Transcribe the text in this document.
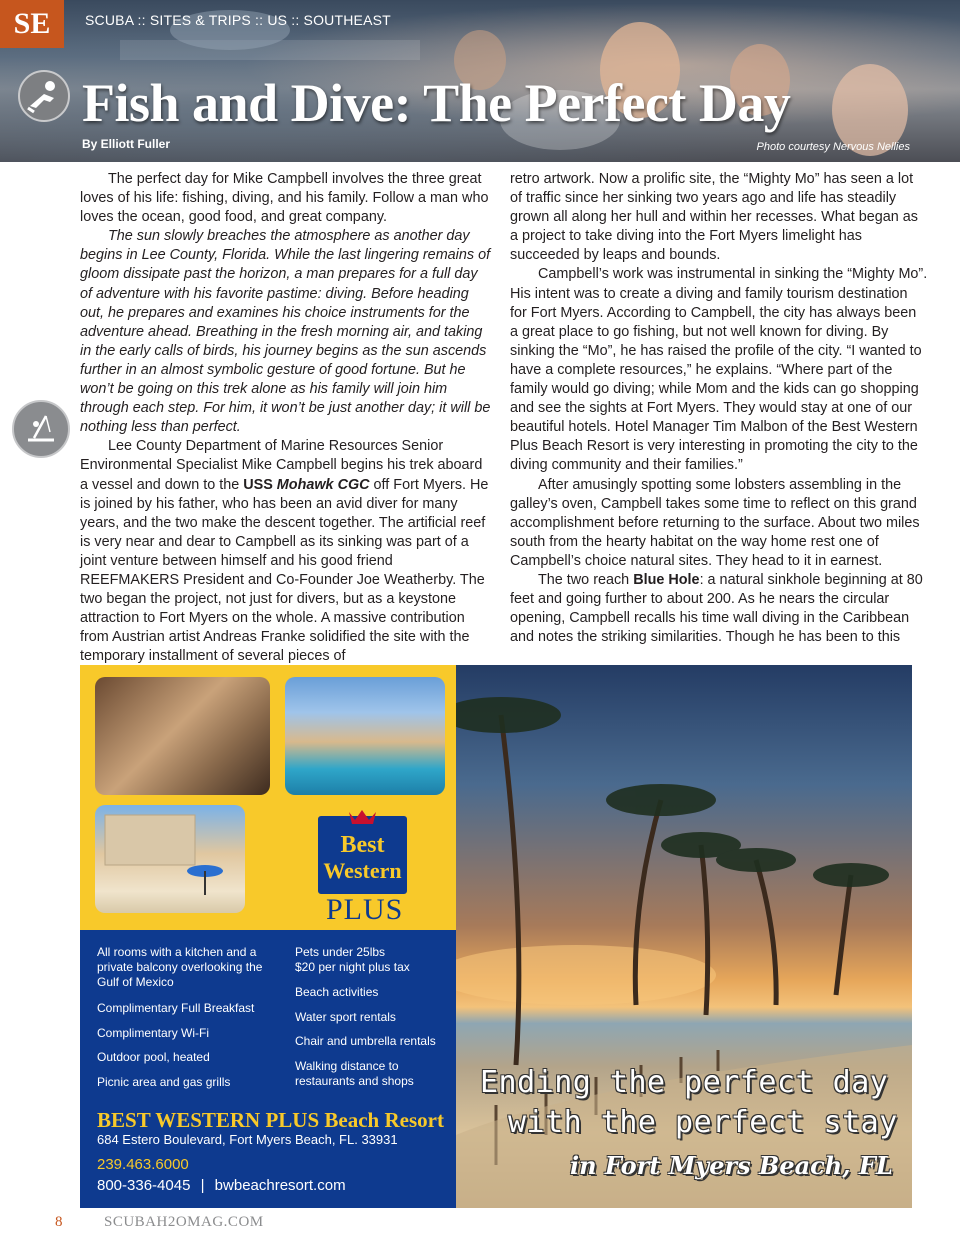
SE	SCUBA :: SITES & TRIPS :: US :: SOUTHEAST
Fish and Dive: The Perfect Day
By Elliott Fuller	Photo courtesy Nervous Nellies

The perfect day for Mike Campbell involves the three great loves of his life: fishing, diving, and his family. Follow a man who loves the ocean, good food, and great company.

The sun slowly breaches the atmosphere as another day begins in Lee County, Florida. While the last lingering remains of gloom dissipate past the horizon, a man prepares for a full day of adventure with his favorite pastime: diving. Before heading out, he prepares and examines his choice instruments for the adventure ahead. Breathing in the fresh morning air, and taking in the early calls of birds, his journey begins as the sun ascends further in an almost symbolic gesture of good fortune. But he won’t be going on this trek alone as his family will join him through each step. For him, it won’t be just another day; it will be nothing less than perfect.

Lee County Department of Marine Resources Senior Environmental Specialist Mike Campbell begins his trek aboard a vessel and down to the USS Mohawk CGC off Fort Myers. He is joined by his father, who has been an avid diver for many years, and the two make the descent together. The artificial reef is very near and dear to Campbell as its sinking was part of a joint venture between himself and his good friend REEFMAKERS President and Co-Founder Joe Weatherby. The two began the project, not just for divers, but as a keystone attraction to Fort Myers on the whole. A massive contribution from Austrian artist Andreas Franke solidified the site with the temporary installment of several pieces of

retro artwork. Now a prolific site, the “Mighty Mo” has seen a lot of traffic since her sinking two years ago and life has steadily grown all along her hull and within her recesses. What began as a project to take diving into the Fort Myers limelight has succeeded by leaps and bounds.

Campbell’s work was instrumental in sinking the “Mighty Mo”. His intent was to create a diving and family tourism destination for Fort Myers. According to Campbell, the city has always been a great place to go fishing, but not well known for diving. By sinking the “Mo”, he has raised the profile of the city. “I wanted to have a complete resources,” he explains. “Where part of the family would go diving; while Mom and the kids can go shopping and see the sights at Fort Myers. They would stay at one of our beautiful hotels. Hotel Manager Tim Malbon of the Best Western Plus Beach Resort is very interesting in promoting the city to the diving community and their families.”

After amusingly spotting some lobsters assembling in the galley’s oven, Campbell takes some time to reflect on this grand accomplishment before returning to the surface. About two miles south from the hearty habitat on the way home rest one of Campbell’s choice natural sites. They head to it in earnest.

The two reach Blue Hole: a natural sinkhole beginning at 80 feet and going further to about 200. As he nears the circular opening, Campbell recalls his time wall diving in the Caribbean and notes the striking similarities. Though he has been to this

Best
Western
PLUS
All rooms with a kitchen and a private balcony overlooking the Gulf of Mexico
Complimentary Full Breakfast
Complimentary Wi-Fi
Outdoor pool, heated
Picnic area and gas grills
Pets under 25lbs
$20 per night plus tax
Beach activities
Water sport rentals
Chair and umbrella rentals
Walking distance to restaurants and shops
BEST WESTERN PLUS Beach Resort
684 Estero Boulevard, Fort Myers Beach, FL. 33931
239.463.6000
800-336-4045 | bwbeachresort.com
Ending the perfect day
with the perfect stay
in Fort Myers Beach, FL
8	SCUBAH2OMAG.COM
